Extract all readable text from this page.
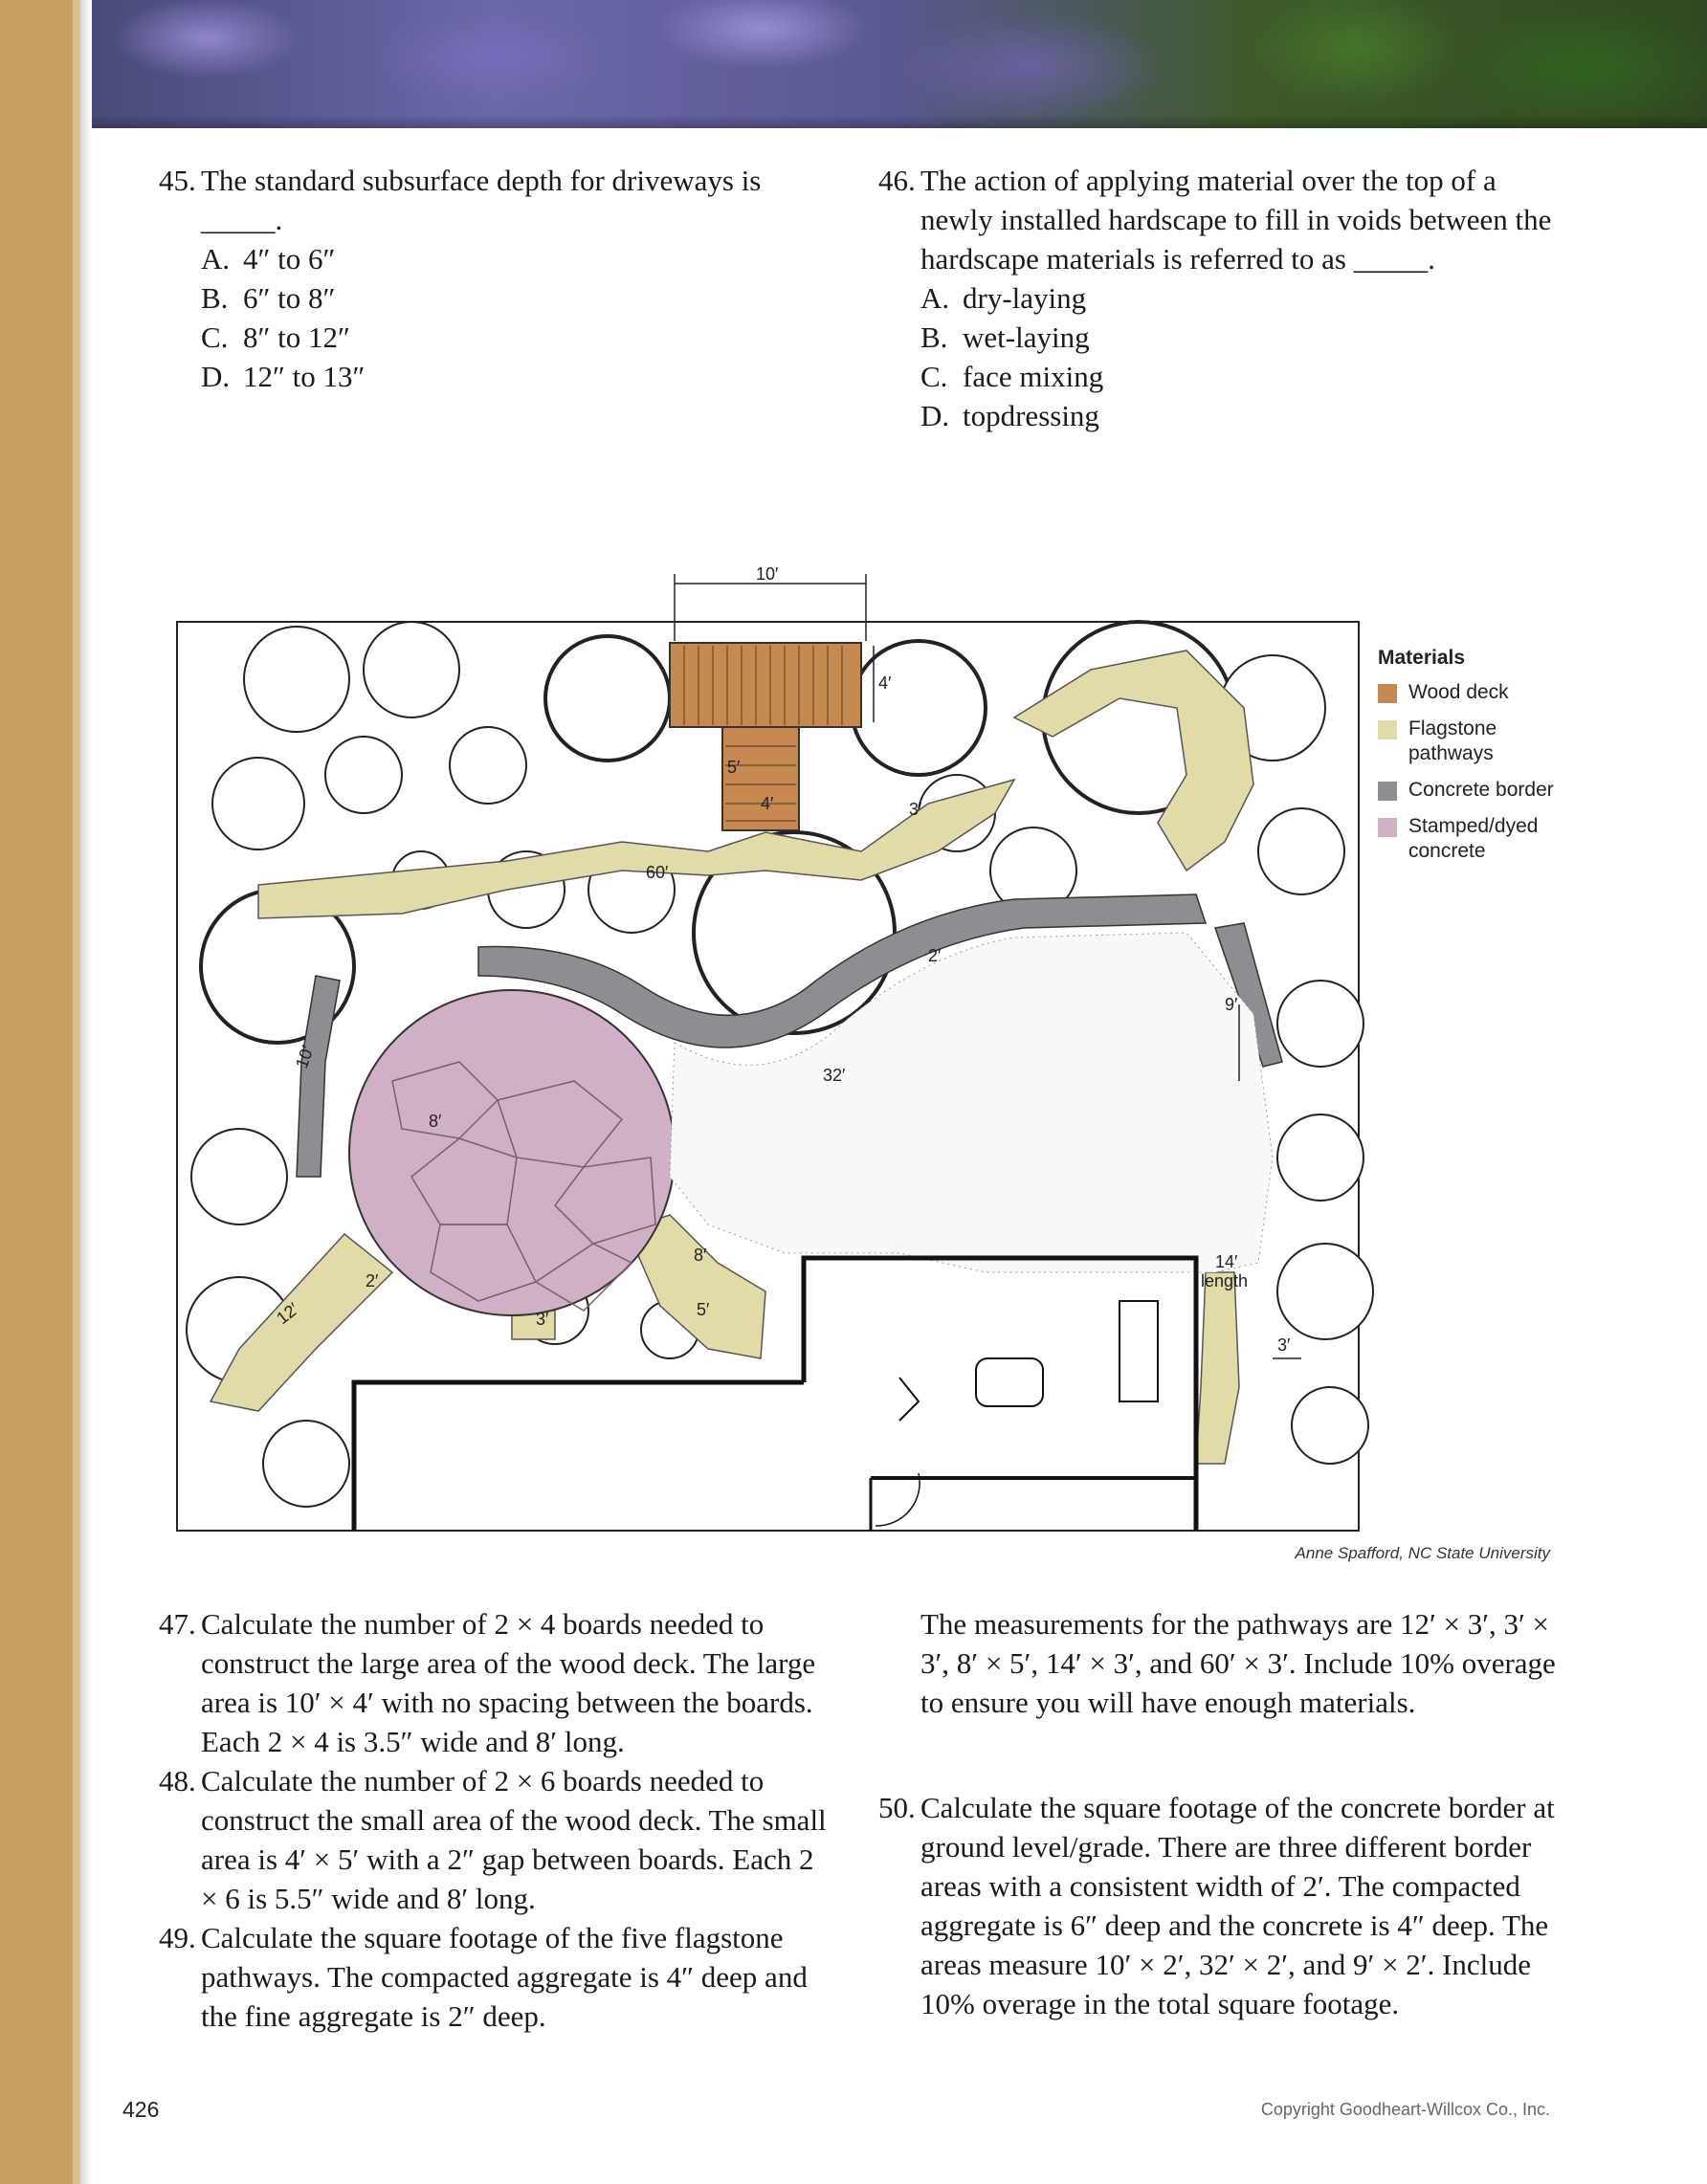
45. The standard subsurface depth for driveways is _____.
A. 4″ to 6″
B. 6″ to 8″
C. 8″ to 12″
D. 12″ to 13″
46. The action of applying material over the top of a newly installed hardscape to fill in voids between the hardscape materials is referred to as _____.
A. dry-laying
B. wet-laying
C. face mixing
D. topdressing
10′
4′
5′
4′	3′
60′
2′
9′
32′
10′
8′
8′
5′
3′
2′
12′
14′
length
3′
Materials
Wood deck
Flagstone pathways
Concrete border
Stamped/dyed concrete
Anne Spafford, NC State University
47. Calculate the number of 2 × 4 boards needed to construct the large area of the wood deck. The large area is 10′ × 4′ with no spacing between the boards. Each 2 × 4 is 3.5″ wide and 8′ long.
48. Calculate the number of 2 × 6 boards needed to construct the small area of the wood deck. The small area is 4′ × 5′ with a 2″ gap between boards. Each 2 × 6 is 5.5″ wide and 8′ long.
49. Calculate the square footage of the five flagstone pathways. The compacted aggregate is 4″ deep and the fine aggregate is 2″ deep.
The measurements for the pathways are 12′ × 3′, 3′ × 3′, 8′ × 5′, 14′ × 3′, and 60′ × 3′. Include 10% overage to ensure you will have enough materials.
50. Calculate the square footage of the concrete border at ground level/grade. There are three different border areas with a consistent width of 2′. The compacted aggregate is 6″ deep and the concrete is 4″ deep. The areas measure 10′ × 2′, 32′ × 2′, and 9′ × 2′. Include 10% overage in the total square footage.
426	Copyright Goodheart-Willcox Co., Inc.
